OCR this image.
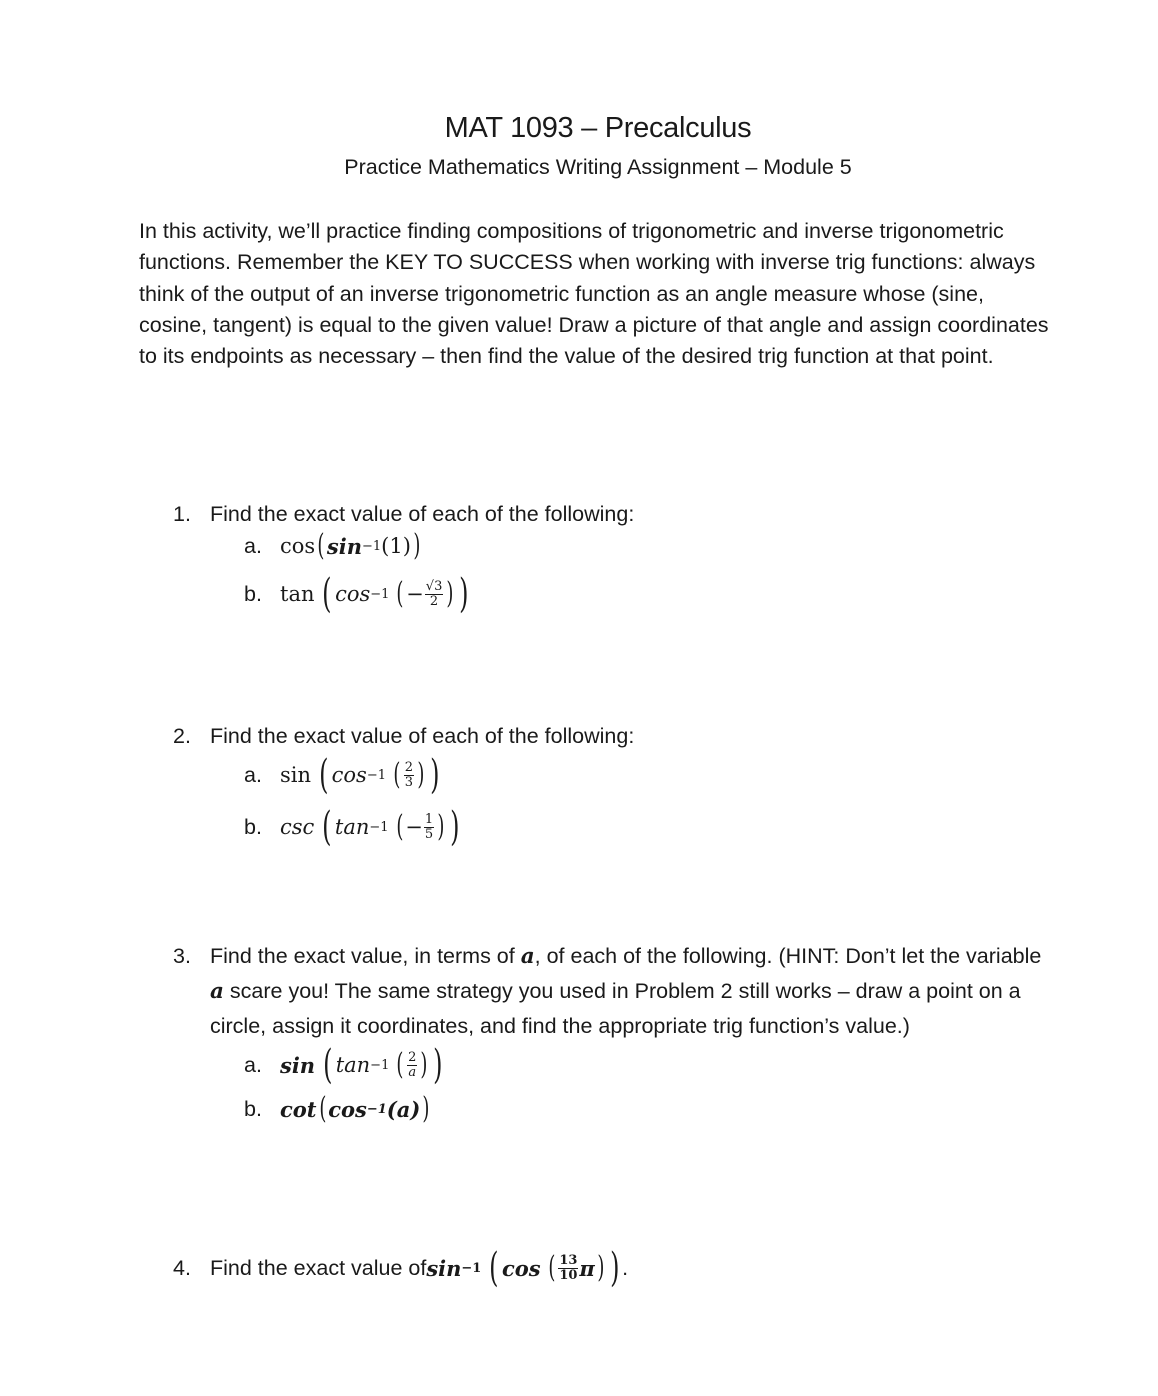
MAT 1093 – Precalculus
Practice Mathematics Writing Assignment – Module 5
In this activity, we’ll practice finding compositions of trigonometric and inverse trigonometric functions. Remember the KEY TO SUCCESS when working with inverse trig functions: always think of the output of an inverse trigonometric function as an angle measure whose (sine, cosine, tangent) is equal to the given value! Draw a picture of that angle and assign coordinates to its endpoints as necessary – then find the value of the desired trig function at that point.
1. Find the exact value of each of the following:
a. cos ( sin −1 (1) )
b. tan ( cos −1 ( − $\frac{√3}{2}$ ) )
2. Find the exact value of each of the following:
a. sin ( cos −1 ( $\frac{2}{3}$ ) )
b. csc ( tan −1 ( − $\frac{1}{5}$ ) )
3. Find the exact value, in terms of a, of each of the following. (HINT: Don’t let the variable a scare you! The same strategy you used in Problem 2 still works – draw a point on a circle, assign it coordinates, and find the appropriate trig function’s value.)
a. sin ( tan −1 ( $\frac{2}{a}$ ) )
b. cot ( cos −1 (a) )
4. Find the exact value of sin −1 ( cos ( $\frac{13}{10}$ π ) ) .
